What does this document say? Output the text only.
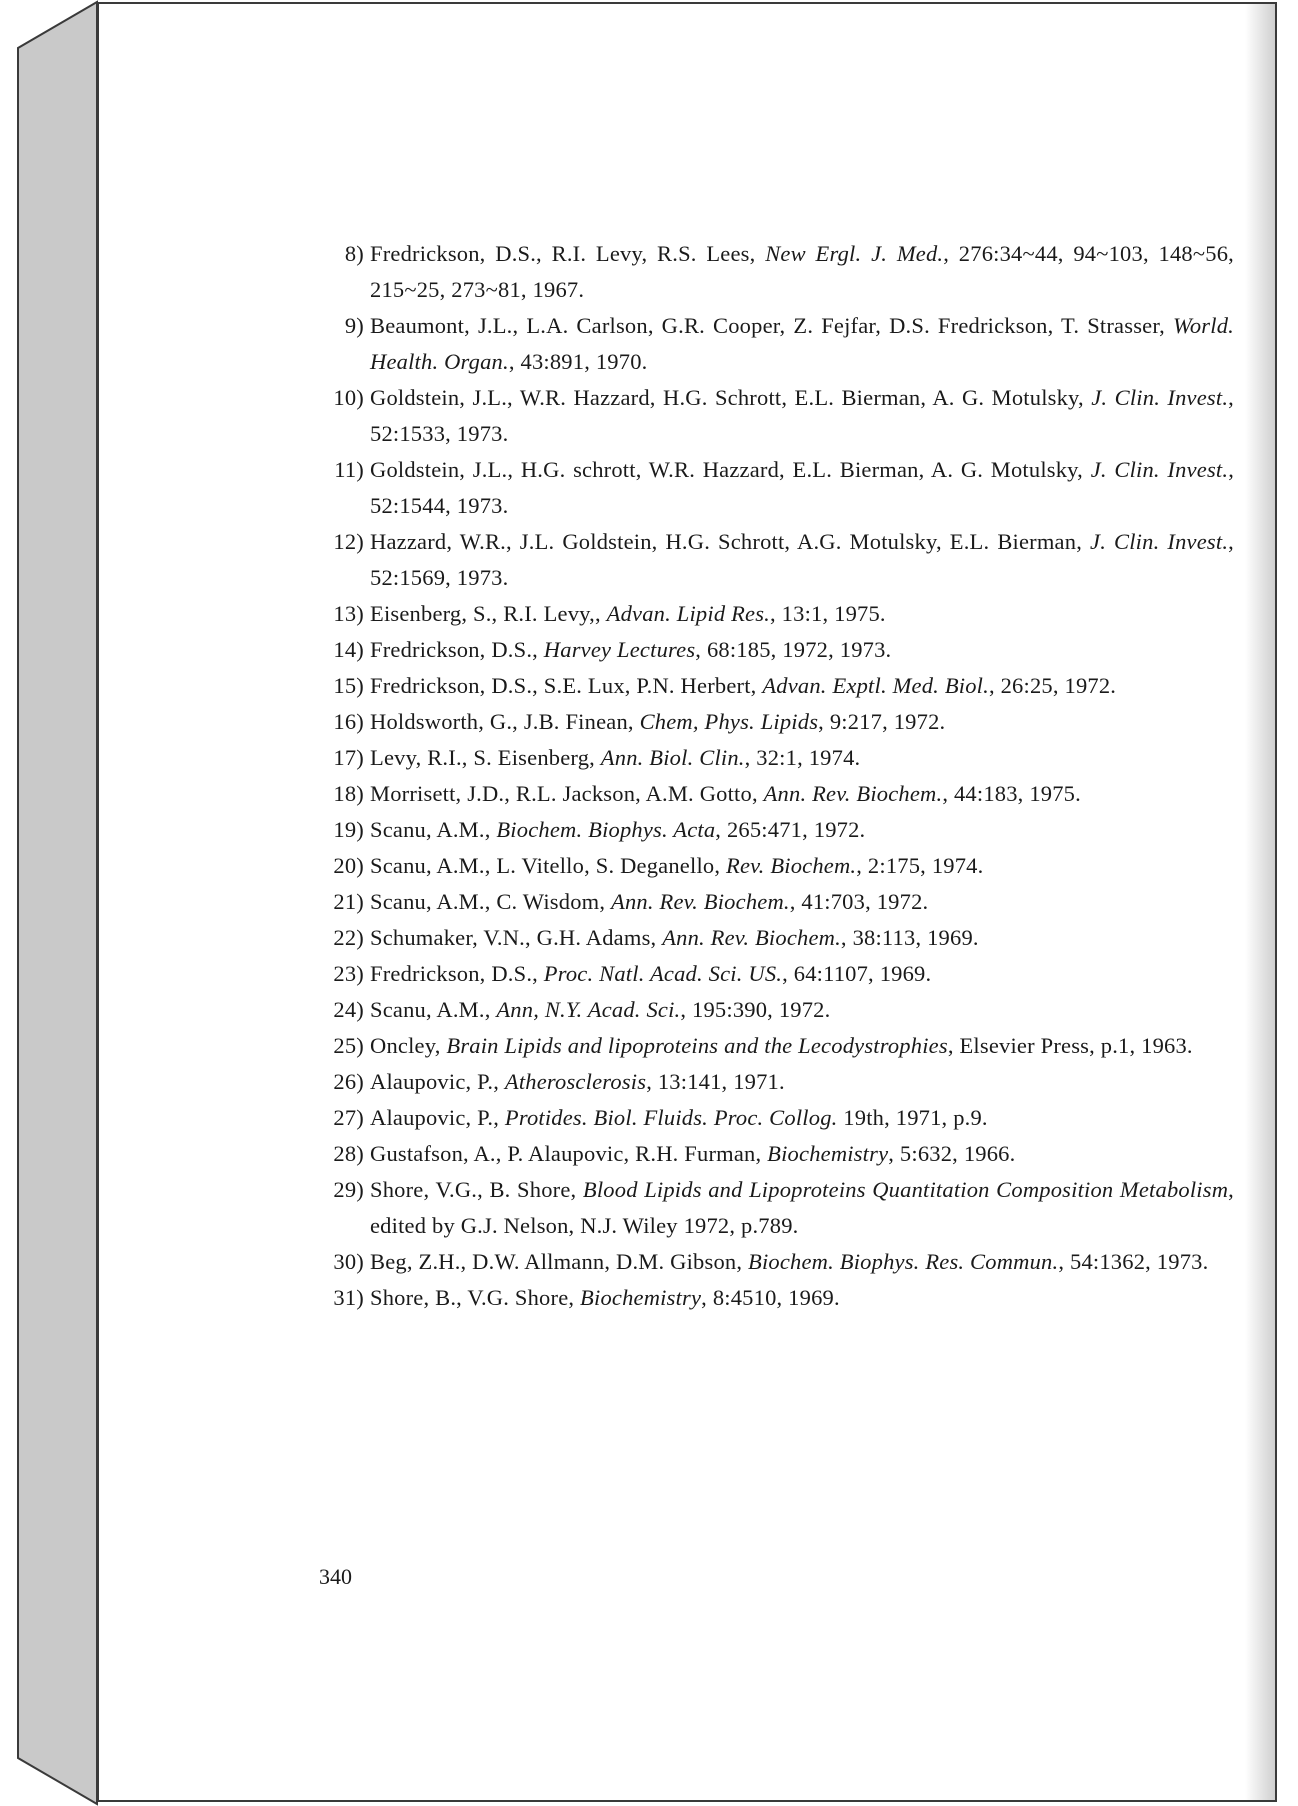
8) Fredrickson, D.S., R.I. Levy, R.S. Lees, New Ergl. J. Med., 276:34~44, 94~103, 148~56, 215~25, 273~81, 1967.
9) Beaumont, J.L., L.A. Carlson, G.R. Cooper, Z. Fejfar, D.S. Fredrickson, T. Strasser, World. Health. Organ., 43:891, 1970.
10) Goldstein, J.L., W.R. Hazzard, H.G. Schrott, E.L. Bierman, A. G. Motulsky, J. Clin. Invest., 52:1533, 1973.
11) Goldstein, J.L., H.G. schrott, W.R. Hazzard, E.L. Bierman, A. G. Motulsky, J. Clin. Invest., 52:1544, 1973.
12) Hazzard, W.R., J.L. Goldstein, H.G. Schrott, A.G. Motulsky, E.L. Bierman, J. Clin. Invest., 52:1569, 1973.
13) Eisenberg, S., R.I. Levy,, Advan. Lipid Res., 13:1, 1975.
14) Fredrickson, D.S., Harvey Lectures, 68:185, 1972, 1973.
15) Fredrickson, D.S., S.E. Lux, P.N. Herbert, Advan. Exptl. Med. Biol., 26:25, 1972.
16) Holdsworth, G., J.B. Finean, Chem, Phys. Lipids, 9:217, 1972.
17) Levy, R.I., S. Eisenberg, Ann. Biol. Clin., 32:1, 1974.
18) Morrisett, J.D., R.L. Jackson, A.M. Gotto, Ann. Rev. Biochem., 44:183, 1975.
19) Scanu, A.M., Biochem. Biophys. Acta, 265:471, 1972.
20) Scanu, A.M., L. Vitello, S. Deganello, Rev. Biochem., 2:175, 1974.
21) Scanu, A.M., C. Wisdom, Ann. Rev. Biochem., 41:703, 1972.
22) Schumaker, V.N., G.H. Adams, Ann. Rev. Biochem., 38:113, 1969.
23) Fredrickson, D.S., Proc. Natl. Acad. Sci. US., 64:1107, 1969.
24) Scanu, A.M., Ann, N.Y. Acad. Sci., 195:390, 1972.
25) Oncley, Brain Lipids and lipoproteins and the Lecodystrophies, Elsevier Press, p.1, 1963.
26) Alaupovic, P., Atherosclerosis, 13:141, 1971.
27) Alaupovic, P., Protides. Biol. Fluids. Proc. Collog. 19th, 1971, p.9.
28) Gustafson, A., P. Alaupovic, R.H. Furman, Biochemistry, 5:632, 1966.
29) Shore, V.G., B. Shore, Blood Lipids and Lipoproteins Quantitation Composition Metabolism, edited by G.J. Nelson, N.J. Wiley 1972, p.789.
30) Beg, Z.H., D.W. Allmann, D.M. Gibson, Biochem. Biophys. Res. Commun., 54:1362, 1973.
31) Shore, B., V.G. Shore, Biochemistry, 8:4510, 1969.
340
